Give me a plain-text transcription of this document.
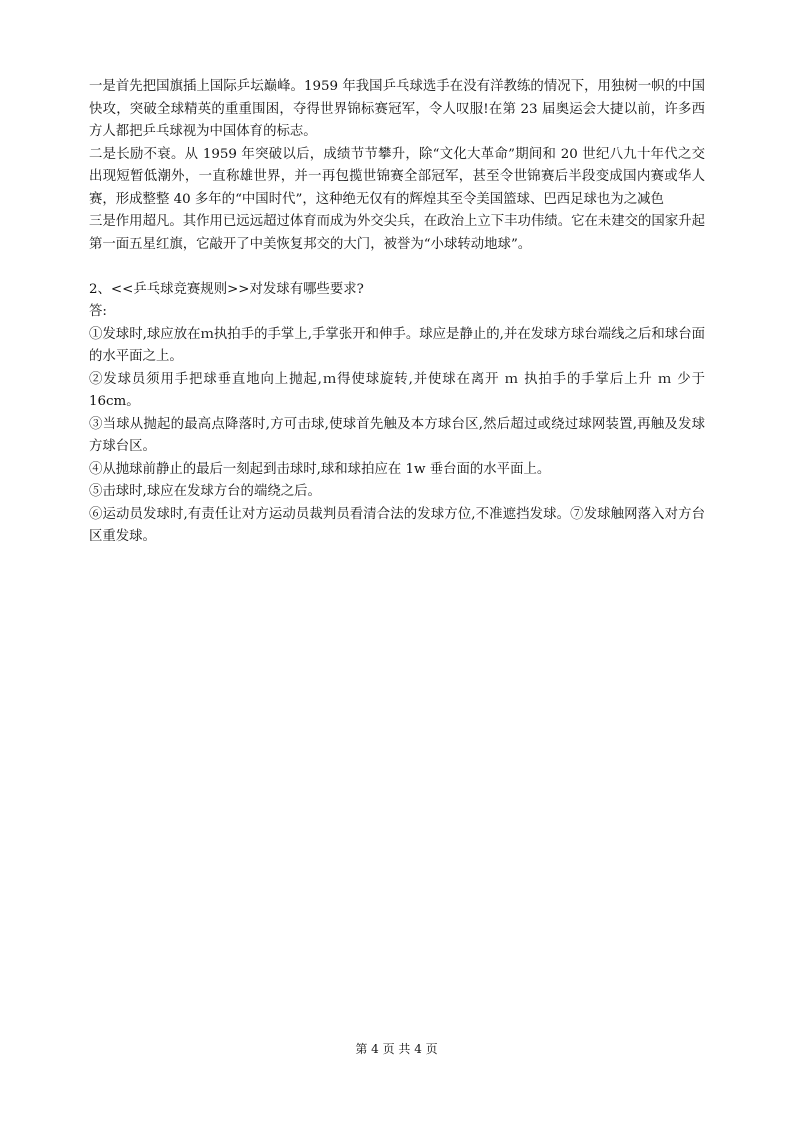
一是首先把国旗插上国际乒坛巅峰。1959 年我国乒乓球选手在没有洋教练的情况下，用独树一帜的中国快攻，突破全球精英的重重围困，夺得世界锦标赛冠军，令人叹服!在第 23 届奥运会大捷以前，许多西方人都把乒乓球视为中国体育的标志。

二是长励不衰。从 1959 年突破以后，成绩节节攀升，除“文化大革命”期间和 20 世纪八九十年代之交出现短暂低潮外，一直称雄世界，并一再包揽世锦赛全部冠军，甚至令世锦赛后半段变成国内赛或华人赛，形成整整 40 多年的“中国时代”，这种绝无仅有的辉煌其至令美国篮球、巴西足球也为之减色

三是作用超凡。其作用已远远超过体育而成为外交尖兵，在政治上立下丰功伟绩。它在未建交的国家升起第一面五星红旗，它敲开了中美恢复邦交的大门，被誉为“小球转动地球”。

2、<<乒乓球竞赛规则>>对发球有哪些要求?

答:

①发球时,球应放在ｍ执拍手的手掌上,手掌张开和伸手。球应是静止的,并在发球方球台端线之后和球台面的水平面之上。

②发球员须用手把球垂直地向上抛起,ｍ得使球旋转,并使球在离开 ｍ 执拍手的手掌后上升 ｍ 少于 16cm。

③当球从抛起的最高点降落时,方可击球,使球首先触及本方球台区,然后超过或绕过球网装置,再触及发球方球台区。

④从抛球前静止的最后一刻起到击球时,球和球拍应在 1w 垂台面的水平面上。

⑤击球时,球应在发球方台的端绕之后。

⑥运动员发球时,有责任让对方运动员裁判员看清合法的发球方位,不准遮挡发球。⑦发球触网落入对方台区重发球。

第 4 页 共 4 页
